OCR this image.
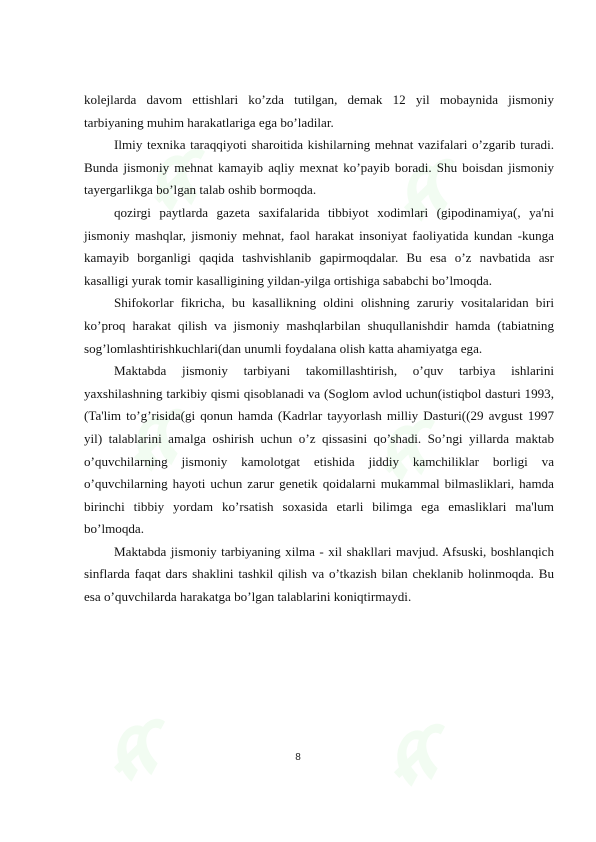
kolejlarda davom ettishlari ko’zda tutilgan, demak 12 yil mobaynida jismoniy tarbiyaning muhim harakatlariga ega bo’ladilar.

Ilmiy texnika taraqqiyoti sharoitida kishilarning mehnat vazifalari o’zgarib turadi. Bunda jismoniy mehnat kamayib aqliy mexnat ko’payib boradi. Shu boisdan jismoniy tayergarlikga bo’lgan talab oshib bormoqda.

qozirgi paytlarda gazeta saxifalarida tibbiyot xodimlari (gipodinamiya(, ya'ni jismoniy mashqlar, jismoniy mehnat, faol harakat insoniyat faoliyatida kundan -kunga kamayib borganligi qaqida tashvishlanib gapirmoqdalar. Bu esa o’z navbatida asr kasalligi yurak tomir kasalligining yildan-yilga ortishiga sababchi bo’lmoqda.

Shifokorlar fikricha, bu kasallikning oldini olishning zaruriy vositalaridan biri ko’proq harakat qilish va jismoniy mashqlarbilan shuqullanishdir hamda (tabiatning sog’lomlashtirishkuchlari(dan unumli foydalana olish katta ahamiyatga ega.

Maktabda jismoniy tarbiyani takomillashtirish, o’quv tarbiya ishlarini yaxshilashning tarkibiy qismi qisoblanadi va (Soglom avlod uchun(istiqbol dasturi 1993, (Ta'lim to’g’risida(gi qonun hamda (Kadrlar tayyorlash milliy Dasturi((29 avgust 1997 yil) talablarini amalga oshirish uchun o’z qissasini qo’shadi. So’ngi yillarda maktab o’quvchilarning jismoniy kamolotgat etishida jiddiy kamchiliklar borligi va o’quvchilarning hayoti uchun zarur genetik qoidalarni mukammal bilmasliklari, hamda birinchi tibbiy yordam ko’rsatish soxasida etarli bilimga ega emasliklari ma'lum bo’lmoqda.

Maktabda jismoniy tarbiyaning xilma - xil shakllari mavjud. Afsuski, boshlanqich sinflarda faqat dars shaklini tashkil qilish va o’tkazish bilan cheklanib holinmoqda. Bu esa o’quvchilarda harakatga bo’lgan talablarini koniqtirmaydi.

8
